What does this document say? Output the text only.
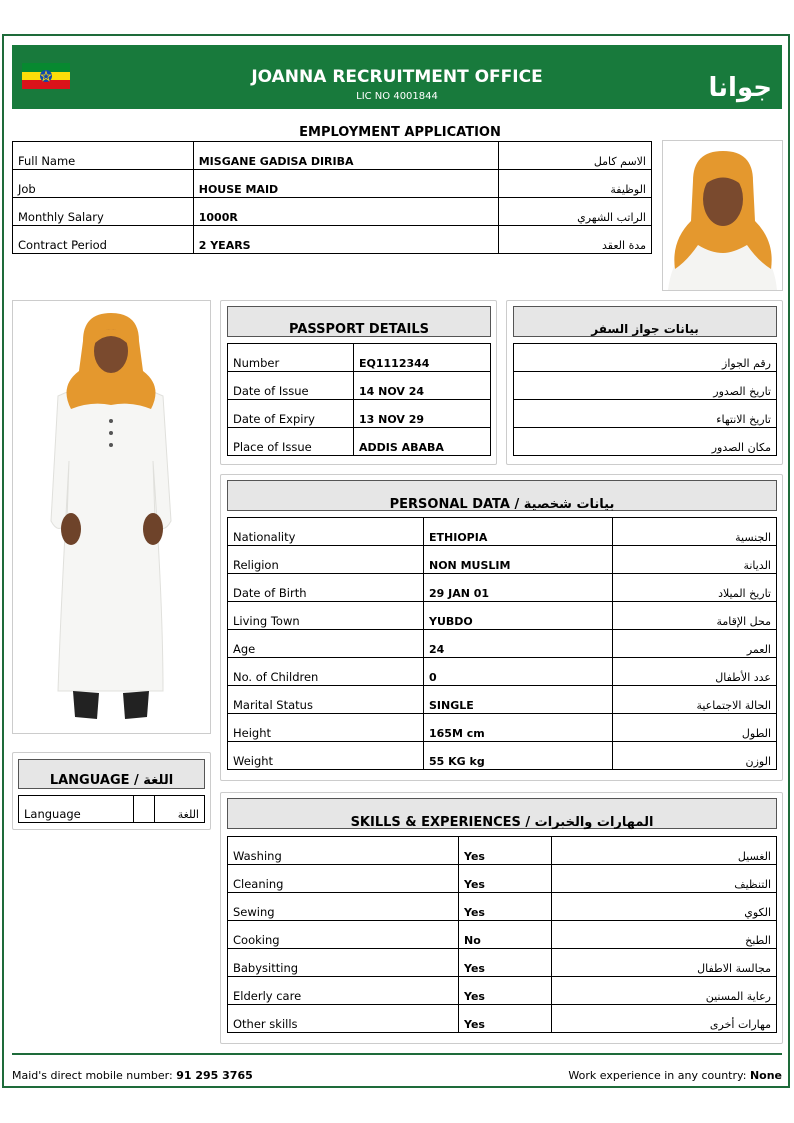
JOANNA RECRUITMENT OFFICE
LIC NO 4001844	جوانا
EMPLOYMENT APPLICATION
Full Name	MISGANE GADISA DIRIBA	الاسم كامل
Job	HOUSE MAID	الوظيفة
Monthly Salary	1000R	الراتب الشهري
Contract Period	2 YEARS	مدة العقد
LANGUAGE / اللغة
Language		اللغة
PASSPORT DETAILS
Number	EQ1112344
Date of Issue	14 NOV 24
Date of Expiry	13 NOV 29
Place of Issue	ADDIS ABABA
بيانات جواز السفر
رقم الجواز
تاريخ الصدور
تاريخ الانتهاء
مكان الصدور
PERSONAL DATA / بيانات شخصية
Nationality	ETHIOPIA	الجنسية
Religion	NON MUSLIM	الديانة
Date of Birth	29 JAN 01	تاريخ الميلاد
Living Town	YUBDO	محل الإقامة
Age	24	العمر
No. of Children	0	عدد الأطفال
Marital Status	SINGLE	الحالة الاجتماعية
Height	165M cm	الطول
Weight	55 KG kg	الوزن
SKILLS & EXPERIENCES / المهارات والخبرات
Washing	Yes	الغسيل
Cleaning	Yes	التنظيف
Sewing	Yes	الكوي
Cooking	No	الطبخ
Babysitting	Yes	مجالسة الاطفال
Elderly care	Yes	رعاية المسنين
Other skills	Yes	مهارات أخرى
Maid's direct mobile number: 91 295 3765	Work experience in any country: None
